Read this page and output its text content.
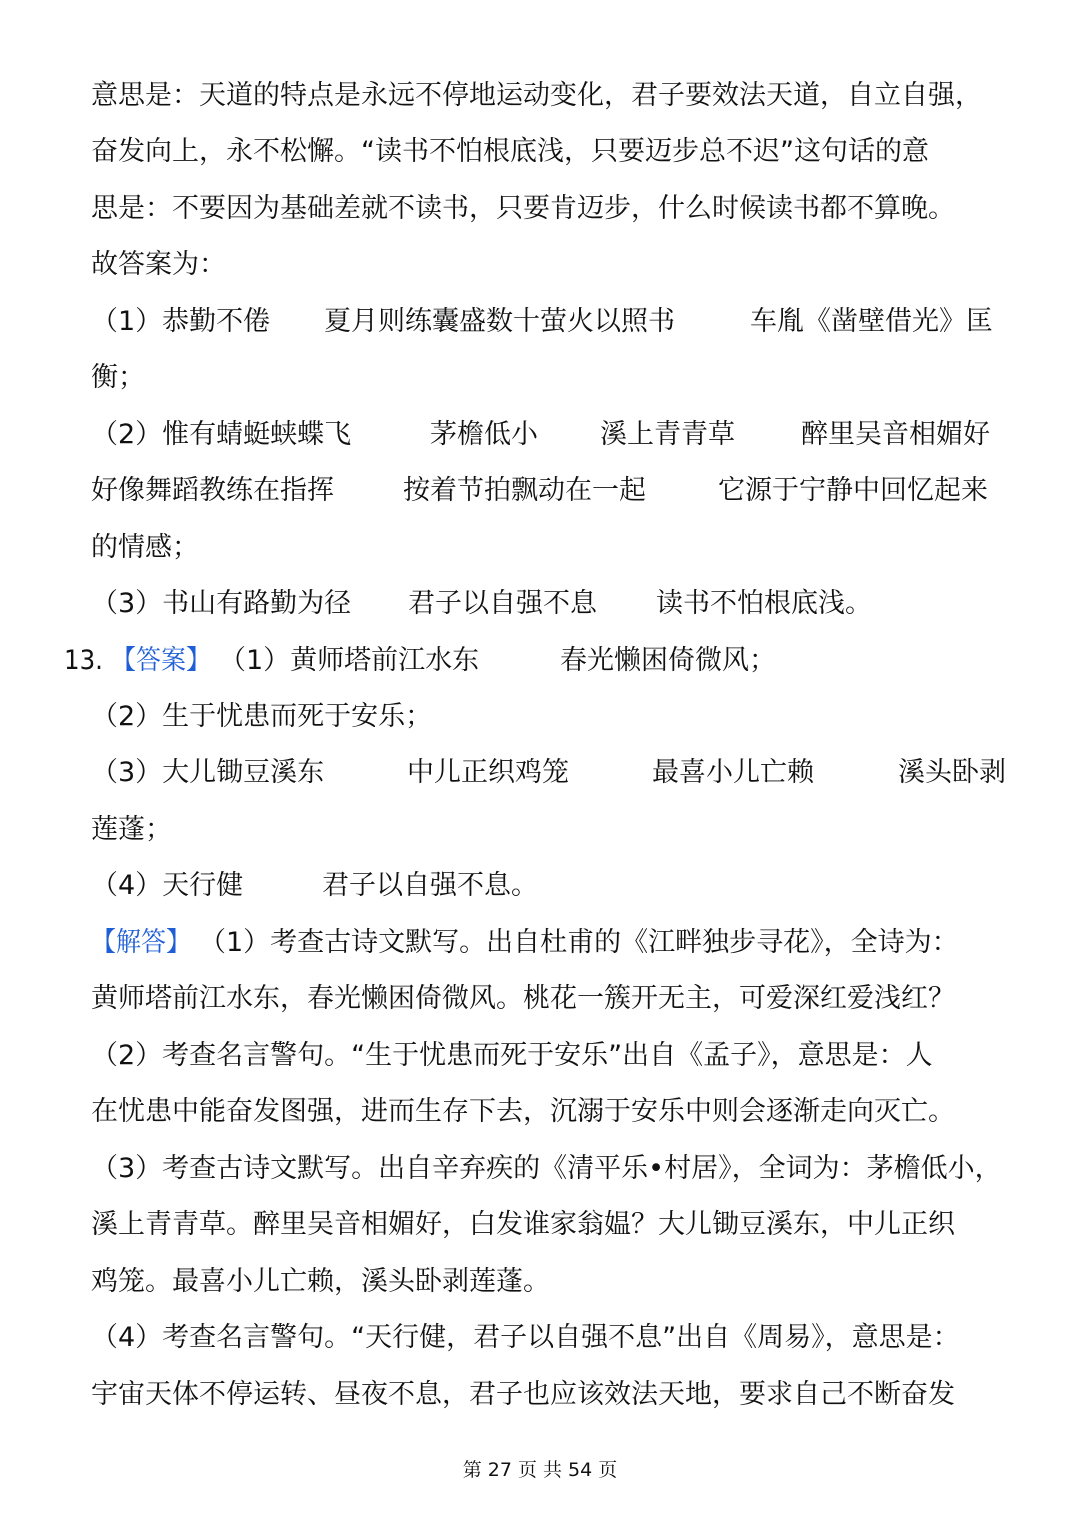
意思是：天道的特点是永远不停地运动变化，君子要效法天道，自立自强，

奋发向上，永不松懈。“读书不怕根底浅，只要迈步总不迟”这句话的意

思是：不要因为基础差就不读书，只要肯迈步，什么时候读书都不算晚。

故答案为：

（1）恭勤不倦

夏月则练囊盛数十萤火以照书

	车胤《凿壁借光》匡

衡；

（2）惟有蜻蜓蛱蝶飞

	茅檐低小

溪上青青草

醉里吴音相媚好

好像舞蹈教练在指挥

	按着节拍飘动在一起

	它源于宁静中回忆起来

的情感；

（3）书山有路勤为径

君子以自强不息

读书不怕根底浅。

13.

【答案】

（1）黄师塔前江水东

	春光懒困倚微风；

（2）生于忧患而死于安乐；

（3）大儿锄豆溪东

	中儿正织鸡笼

	最喜小儿亡赖

	溪头卧剥

莲蓬；

（4）天行健

	君子以自强不息。

【解答】

（1）考查古诗文默写。出自杜甫的《江畔独步寻花》，全诗为：

黄师塔前江水东，春光懒困倚微风。桃花一簇开无主，可爱深红爱浅红？

（2）考查名言警句。“生于忧患而死于安乐”出自《孟子》，意思是：人

在忧患中能奋发图强，进而生存下去，沉溺于安乐中则会逐渐走向灭亡。

（3）考查古诗文默写。出自辛弃疾的《清平乐•村居》，全词为：茅檐低小，

溪上青青草。醉里吴音相媚好，白发谁家翁媪？大儿锄豆溪东，中儿正织

鸡笼。最喜小儿亡赖，溪头卧剥莲蓬。

（4）考查名言警句。“天行健，君子以自强不息”出自《周易》，意思是：

宇宙天体不停运转、昼夜不息，君子也应该效法天地，要求自己不断奋发

第 27 页 共 54 页
